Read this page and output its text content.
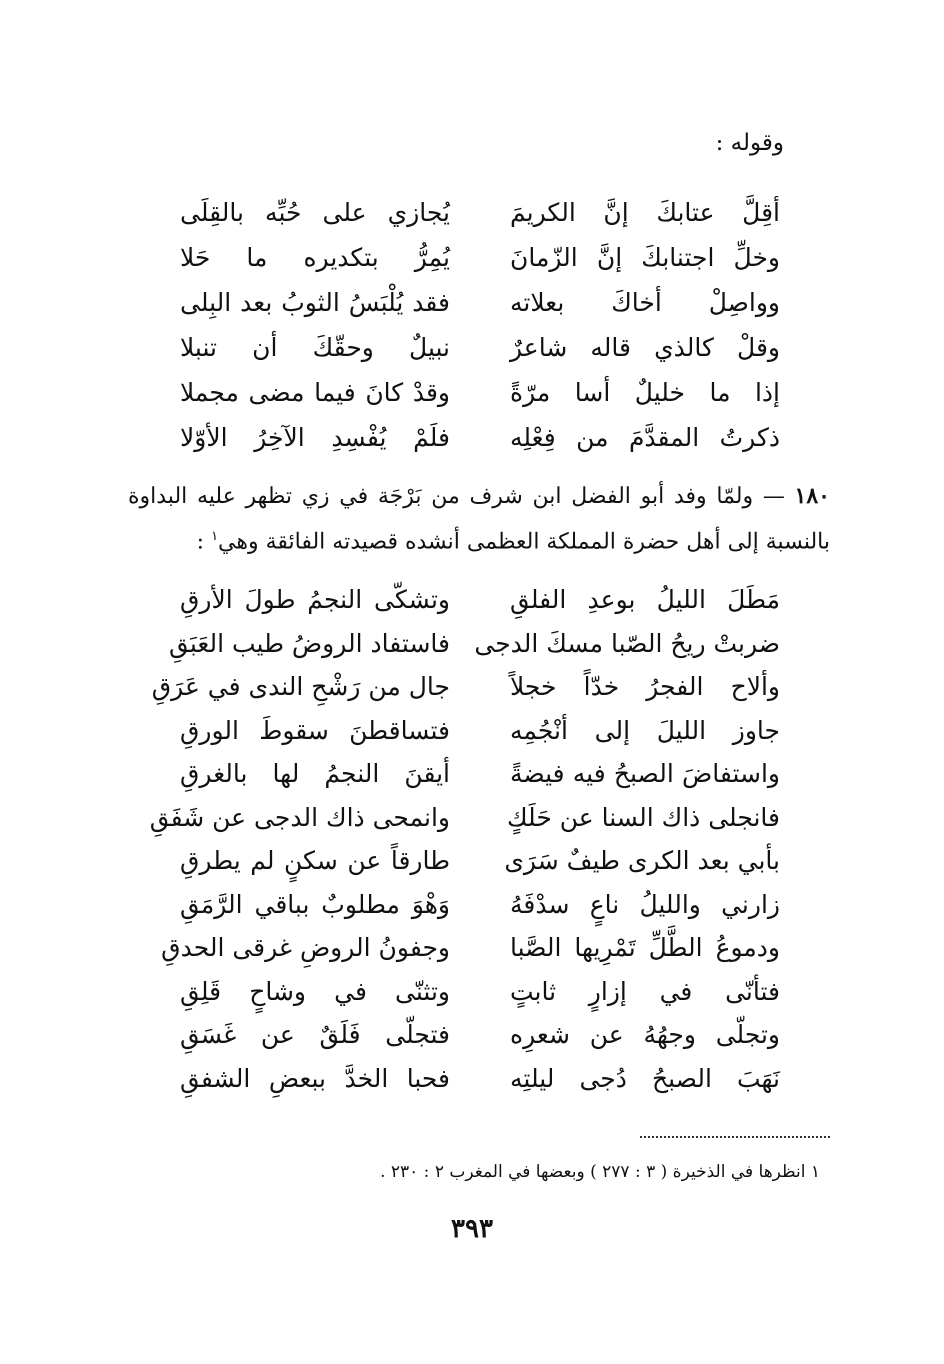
وقوله :
أقِلَّ عتابكَ إنَّ الكريمَ
يُجازي على حُبِّه بالقِلَى
وخلِّ اجتنابكَ إنَّ الزّمانَ
يُمِرُّ بتكديره ما حَلا
وواصِلْ أخاكَ بعلاته
فقد يُلْبَسُ الثوبُ بعد البِلى
وقلْ كالذي قاله شاعرٌ
نبيلٌ وحقّكَ أن تنبلا
إذا ما خليلٌ أسا مرّةً
وقدْ كانَ فيما مضى مجملا
ذكرتُ المقدَّمَ من فِعْلِه
فلَمْ يُفْسِدِ الآخِرُ الأوّلا
١٨٠ — ولمّا وفد أبو الفضل ابن شرف من بَرْجَة في زي تظهر عليه البداوة بالنسبة إلى أهل حضرة المملكة العظمى أنشده قصيدته الفائقة وهي$^١$ :
مَطَلَ الليلُ بوعدِ الفلقِ
وتشكّى النجمُ طولَ الأرقِ
ضربتْ ريحُ الصّبا مسكَ الدجى
فاستفاد الروضُ طيب العَبَقِ
وألاح الفجرُ خدّاً خجلاً
جال من رَشْحِ الندى في عَرَقِ
جاوز الليلَ إلى أنْجُمِه
فتساقطنَ سقوطَ الورقِ
واستفاضَ الصبحُ فيه فيضةً
أيقنَ النجمُ لها بالغرقِ
فانجلى ذاك السنا عن حَلَكٍ
وانمحى ذاك الدجى عن شَفَقِ
بأبي بعد الكرى طيفٌ سَرَى
طارقاً عن سكنٍ لم يطرقِ
زارني والليلُ ناعٍ سدْفَهُ
وَهْوَ مطلوبٌ بباقي الرَّمَقِ
ودموعُ الطَّلِّ تَمْرِيها الصَّبا
وجفونُ الروضِ غرقى الحدقِ
فتأنّى في إزارٍ ثابتٍ
وتثنّى في وشاحٍ قَلِقِ
وتجلّى وجهُهُ عن شعرِه
فتجلّى فَلَقٌ عن غَسَقِ
نَهَبَ الصبحُ دُجى ليلتِه
فحبا الخدَّ ببعضِ الشفقِ
١ انظرها في الذخيرة ( ٣ : ٢٧٧ ) وبعضها في المغرب ٢ : ٢٣٠ .
٣٩٣
